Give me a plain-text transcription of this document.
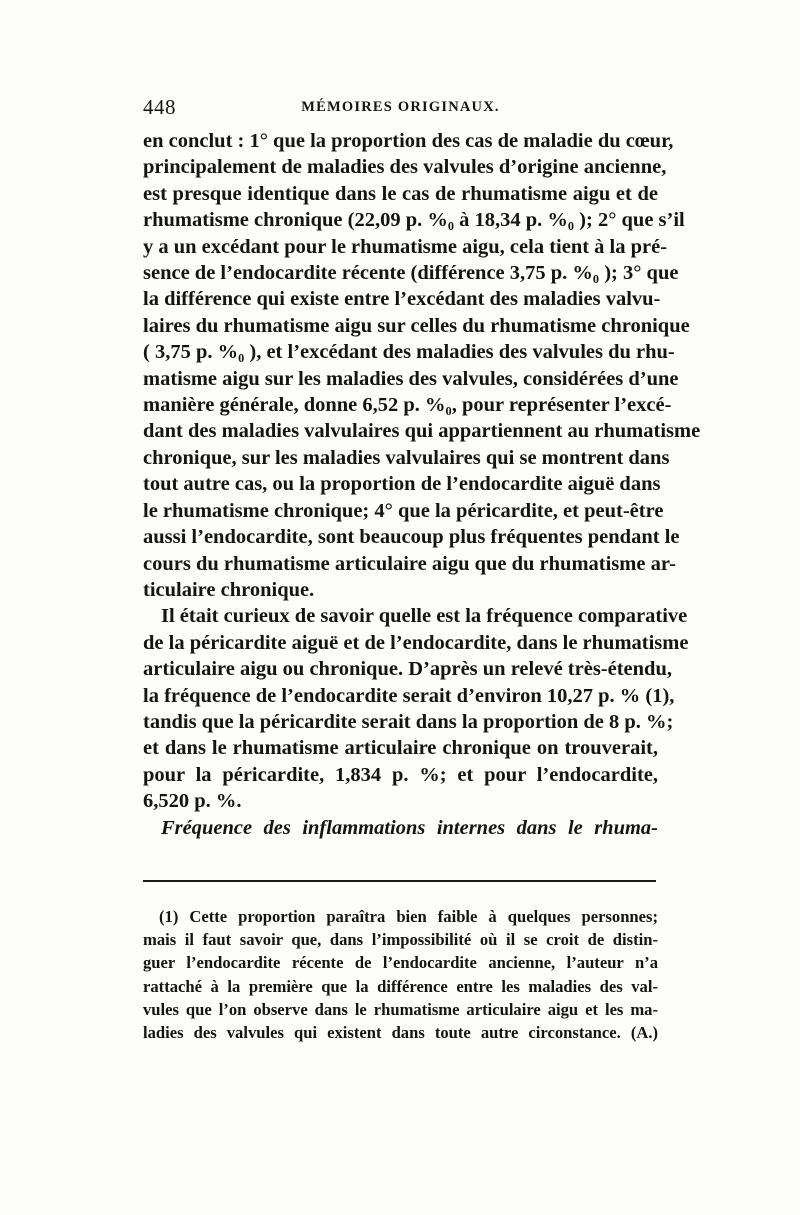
448	MÉMOIRES ORIGINAUX.
en conclut : 1° que la proportion des cas de maladie du cœur,
principalement de maladies des valvules d’origine ancienne,
est presque identique dans le cas de rhumatisme aigu et de
rhumatisme chronique (22,09 p. %₀ à 18,34 p. %₀ ); 2° que s’il
y a un excédant pour le rhumatisme aigu, cela tient à la pré-
sence de l’endocardite récente (différence 3,75 p. %₀ ); 3° que
la différence qui existe entre l’excédant des maladies valvu-
laires du rhumatisme aigu sur celles du rhumatisme chronique
( 3,75 p. %₀ ), et l’excédant des maladies des valvules du rhu-
matisme aigu sur les maladies des valvules, considérées d’une
manière générale, donne 6,52 p. %₀, pour représenter l’excé-
dant des maladies valvulaires qui appartiennent au rhumatisme
chronique, sur les maladies valvulaires qui se montrent dans
tout autre cas, ou la proportion de l’endocardite aiguë dans
le rhumatisme chronique; 4° que la péricardite, et peut-être
aussi l’endocardite, sont beaucoup plus fréquentes pendant le
cours du rhumatisme articulaire aigu que du rhumatisme ar-
ticulaire chronique.
Il était curieux de savoir quelle est la fréquence comparative
de la péricardite aiguë et de l’endocardite, dans le rhumatisme
articulaire aigu ou chronique. D’après un relevé très-étendu,
la fréquence de l’endocardite serait d’environ 10,27 p. % (1),
tandis que la péricardite serait dans la proportion de 8 p. %;
et dans le rhumatisme articulaire chronique on trouverait,
pour la péricardite, 1,834 p. %; et pour l’endocardite,
6,520 p. %.
Fréquence des inflammations internes dans le rhuma-
(1) Cette proportion paraîtra bien faible à quelques personnes;
mais il faut savoir que, dans l’impossibilité où il se croit de distin-
guer l’endocardite récente de l’endocardite ancienne, l’auteur n’a
rattaché à la première que la différence entre les maladies des val-
vules que l’on observe dans le rhumatisme articulaire aigu et les ma-
ladies des valvules qui existent dans toute autre circonstance. (A.)
